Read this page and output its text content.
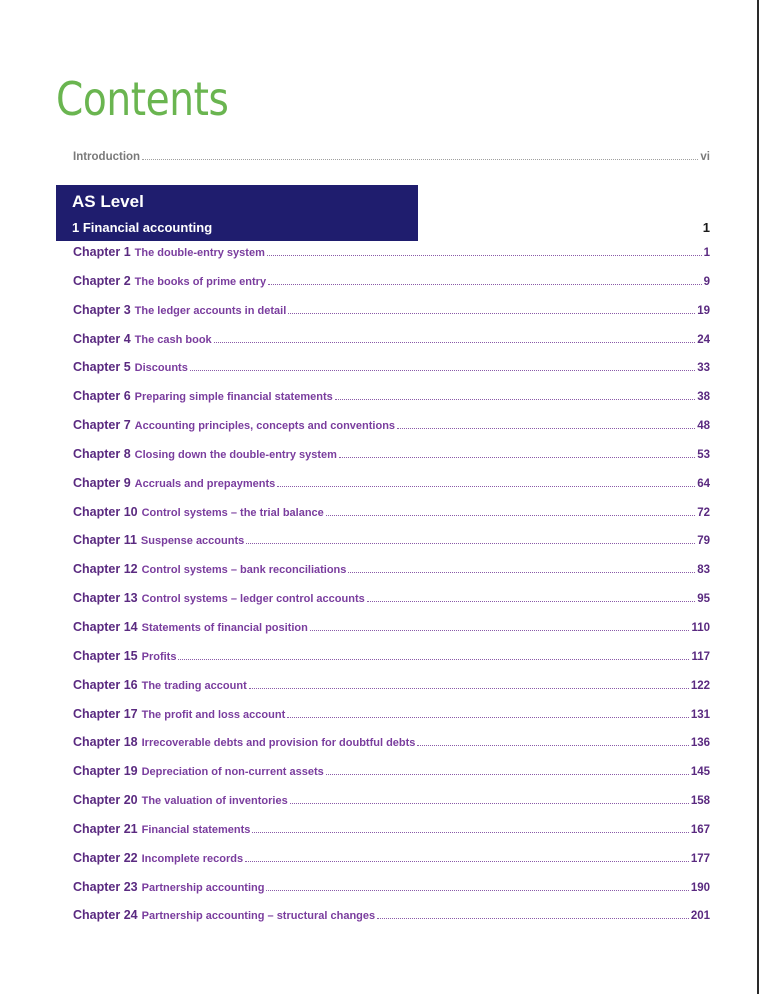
Contents
Introduction	vi
AS Level
1 Financial accounting	1
Chapter 1 The double-entry system	1
Chapter 2 The books of prime entry	9
Chapter 3 The ledger accounts in detail	19
Chapter 4 The cash book	24
Chapter 5 Discounts	33
Chapter 6 Preparing simple financial statements	38
Chapter 7 Accounting principles, concepts and conventions	48
Chapter 8 Closing down the double-entry system	53
Chapter 9 Accruals and prepayments	64
Chapter 10 Control systems – the trial balance	72
Chapter 11 Suspense accounts	79
Chapter 12 Control systems – bank reconciliations	83
Chapter 13 Control systems – ledger control accounts	95
Chapter 14 Statements of financial position	110
Chapter 15 Profits	117
Chapter 16 The trading account	122
Chapter 17 The profit and loss account	131
Chapter 18 Irrecoverable debts and provision for doubtful debts	136
Chapter 19 Depreciation of non-current assets	145
Chapter 20 The valuation of inventories	158
Chapter 21 Financial statements	167
Chapter 22 Incomplete records	177
Chapter 23 Partnership accounting	190
Chapter 24 Partnership accounting – structural changes	201
